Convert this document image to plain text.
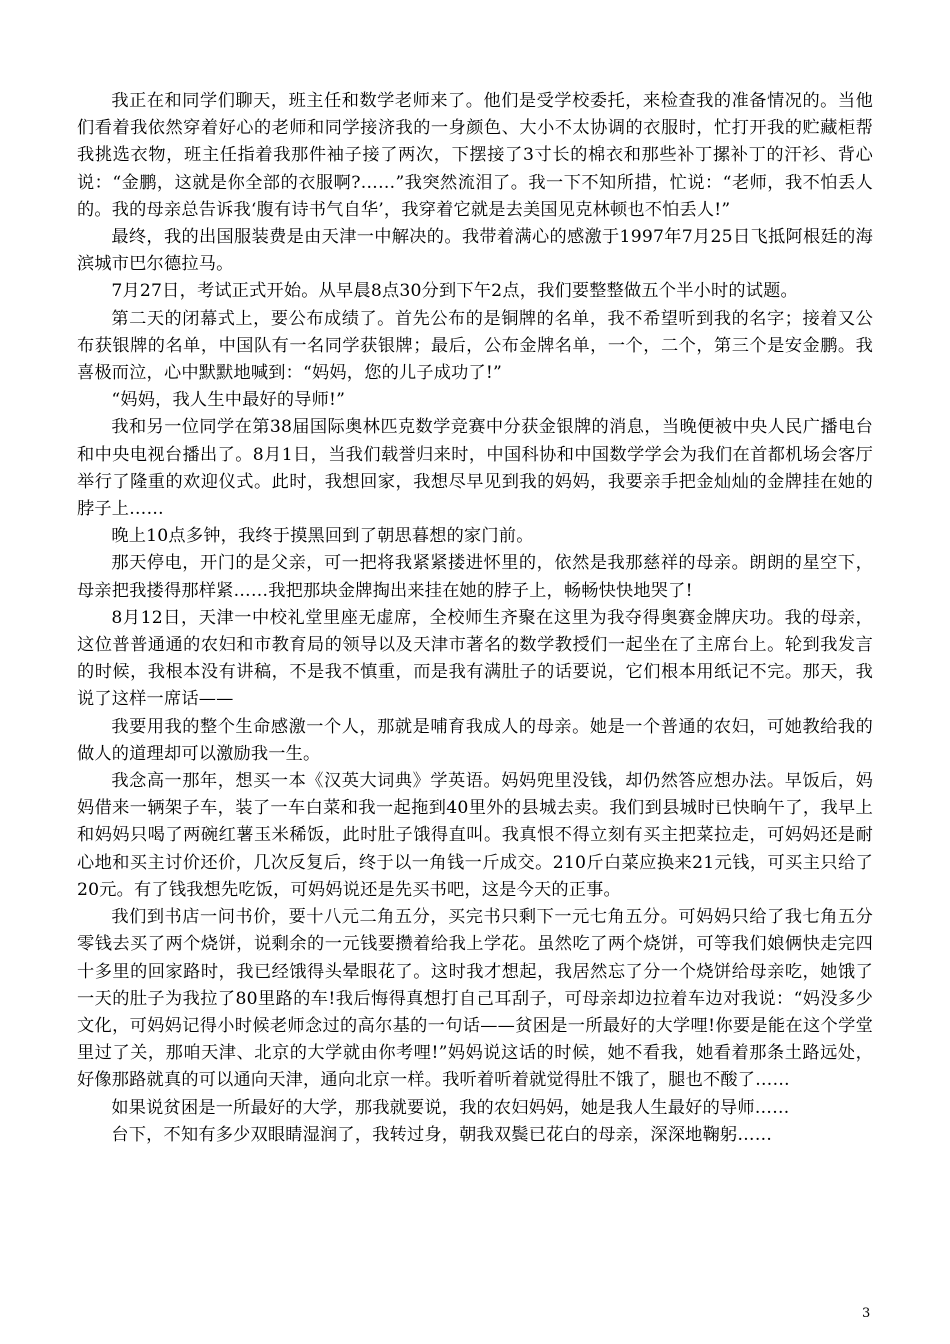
我正在和同学们聊天，班主任和数学老师来了。他们是受学校委托，来检查我的准备情况的。当他们看着我依然穿着好心的老师和同学接济我的一身颜色、大小不太协调的衣服时，忙打开我的贮藏柜帮我挑选衣物，班主任指着我那件袖子接了两次，下摆接了3寸长的棉衣和那些补丁摞补丁的汗衫、背心说：“金鹏，这就是你全部的衣服啊?……”我突然流泪了。我一下不知所措，忙说：“老师，我不怕丢人的。我的母亲总告诉我‘腹有诗书气自华’，我穿着它就是去美国见克林顿也不怕丢人!”

最终，我的出国服装费是由天津一中解决的。我带着满心的感激于1997年7月25日飞抵阿根廷的海滨城市巴尔德拉马。

7月27日，考试正式开始。从早晨8点30分到下午2点，我们要整整做五个半小时的试题。

第二天的闭幕式上，要公布成绩了。首先公布的是铜牌的名单，我不希望听到我的名字；接着又公布获银牌的名单，中国队有一名同学获银牌；最后，公布金牌名单，一个，二个，第三个是安金鹏。我喜极而泣，心中默默地喊到：“妈妈，您的儿子成功了!”

“妈妈，我人生中最好的导师!”

我和另一位同学在第38届国际奥林匹克数学竞赛中分获金银牌的消息，当晚便被中央人民广播电台和中央电视台播出了。8月1日，当我们载誉归来时，中国科协和中国数学学会为我们在首都机场会客厅举行了隆重的欢迎仪式。此时，我想回家，我想尽早见到我的妈妈，我要亲手把金灿灿的金牌挂在她的脖子上……

晚上10点多钟，我终于摸黑回到了朝思暮想的家门前。

那天停电，开门的是父亲，可一把将我紧紧搂进怀里的，依然是我那慈祥的母亲。朗朗的星空下，母亲把我搂得那样紧……我把那块金牌掏出来挂在她的脖子上，畅畅快快地哭了!

8月12日，天津一中校礼堂里座无虚席，全校师生齐聚在这里为我夺得奥赛金牌庆功。我的母亲，这位普普通通的农妇和市教育局的领导以及天津市著名的数学教授们一起坐在了主席台上。轮到我发言的时候，我根本没有讲稿，不是我不慎重，而是我有满肚子的话要说，它们根本用纸记不完。那天，我说了这样一席话——

我要用我的整个生命感激一个人，那就是哺育我成人的母亲。她是一个普通的农妇，可她教给我的做人的道理却可以激励我一生。

我念高一那年，想买一本《汉英大词典》学英语。妈妈兜里没钱，却仍然答应想办法。早饭后，妈妈借来一辆架子车，装了一车白菜和我一起拖到40里外的县城去卖。我们到县城时已快晌午了，我早上和妈妈只喝了两碗红薯玉米稀饭，此时肚子饿得直叫。我真恨不得立刻有买主把菜拉走，可妈妈还是耐心地和买主讨价还价，几次反复后，终于以一角钱一斤成交。210斤白菜应换来21元钱，可买主只给了20元。有了钱我想先吃饭，可妈妈说还是先买书吧，这是今天的正事。

我们到书店一问书价，要十八元二角五分，买完书只剩下一元七角五分。可妈妈只给了我七角五分零钱去买了两个烧饼，说剩余的一元钱要攒着给我上学花。虽然吃了两个烧饼，可等我们娘俩快走完四十多里的回家路时，我已经饿得头晕眼花了。这时我才想起，我居然忘了分一个烧饼给母亲吃，她饿了一天的肚子为我拉了80里路的车!我后悔得真想打自己耳刮子，可母亲却边拉着车边对我说：“妈没多少文化，可妈妈记得小时候老师念过的高尔基的一句话——贫困是一所最好的大学哩!你要是能在这个学堂里过了关，那咱天津、北京的大学就由你考哩!”妈妈说这话的时候，她不看我，她看着那条土路远处，好像那路就真的可以通向天津，通向北京一样。我听着听着就觉得肚不饿了，腿也不酸了……

如果说贫困是一所最好的大学，那我就要说，我的农妇妈妈，她是我人生最好的导师……

台下，不知有多少双眼睛湿润了，我转过身，朝我双鬓已花白的母亲，深深地鞠躬……

3
